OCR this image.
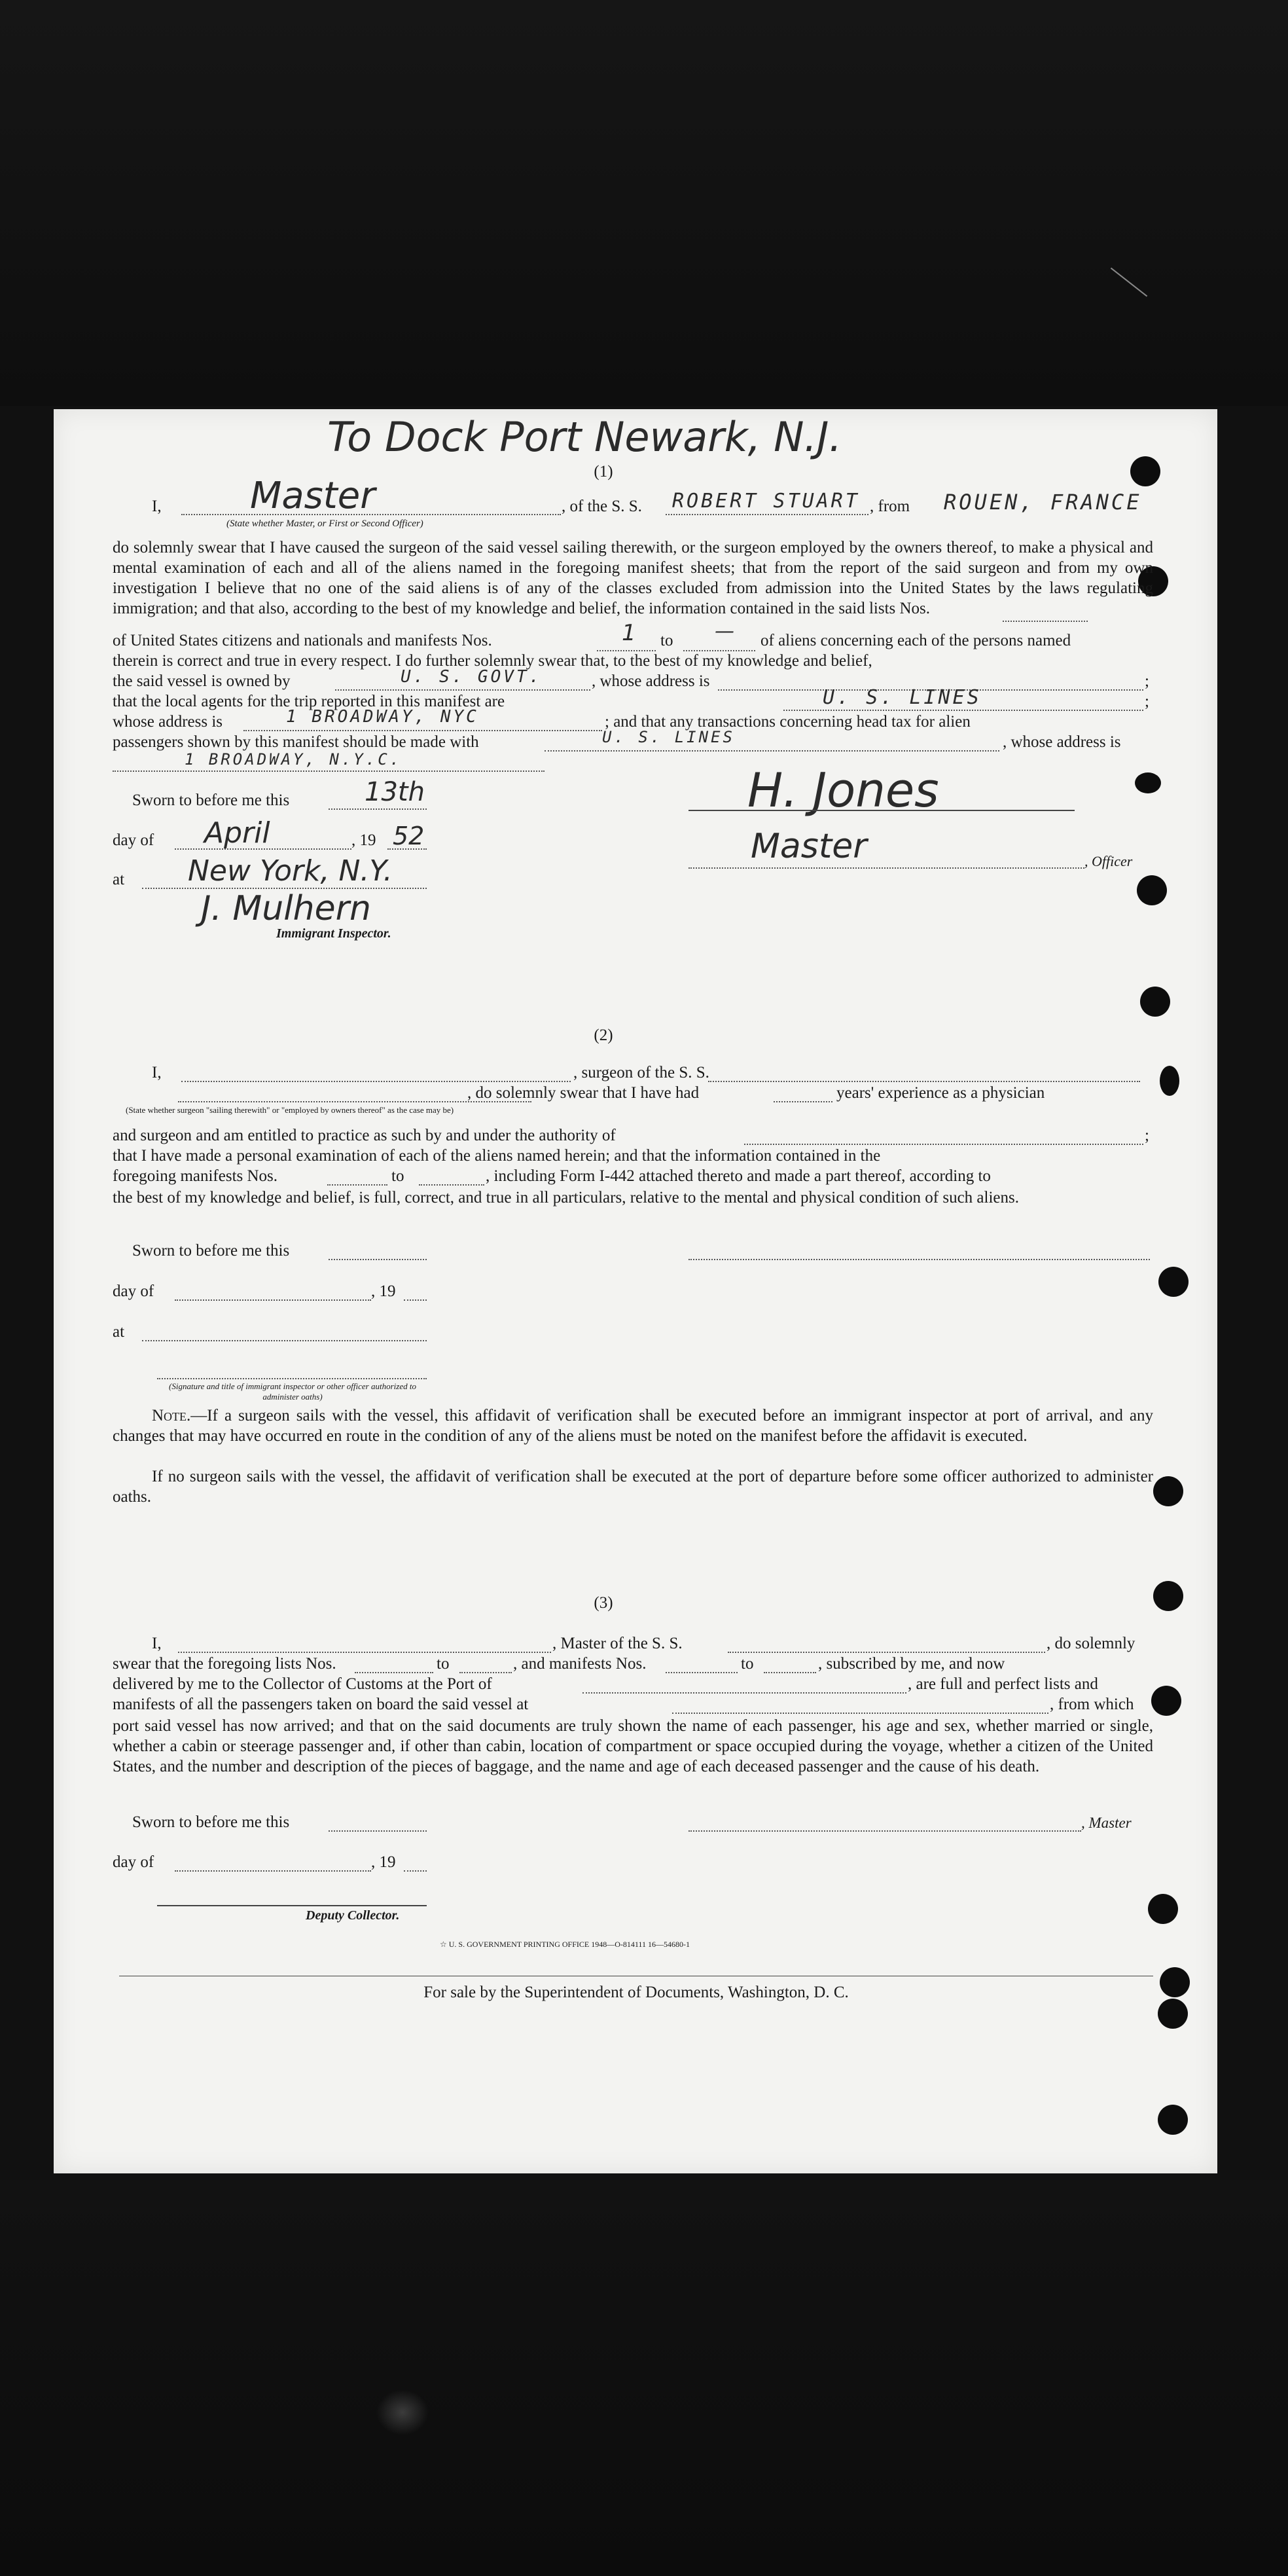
To Dock Port Newark, N.J.
(1)
I, Master
(State whether Master, or First or Second Officer)
, of the S. S. ROBERT STUART , from ROUEN, FRANCE
do solemnly swear that I have caused the surgeon of the said vessel sailing therewith, or the surgeon employed by the owners thereof, to make a physical and mental examination of each and all of the aliens named in the foregoing manifest sheets; that from the report of the said surgeon and from my own investigation I believe that no one of the said aliens is of any of the classes excluded from admission into the United States by the laws regulating immigration; and that also, according to the best of my knowledge and belief, the information contained in the said lists Nos.
of United States citizens and nationals and manifests Nos.	1 to — of aliens concerning each of the persons named
therein is correct and true in every respect. I do further solemnly swear that, to the best of my knowledge and belief,
the said vessel is owned by	U. S. GOVT.	, whose address is	;
that the local agents for the trip reported in this manifest are	U. S. LINES	;
whose address is	1 BROADWAY, NYC	; and that any transactions concerning head tax for alien
passengers shown by this manifest should be made with	U. S. LINES	, whose address is
1 BROADWAY, N.Y.C.
Sworn to before me this	13th	H. Jones
day of April	, 19 52	Master	, Officer
at New York, N.Y.
J. Mulhern
Immigrant Inspector.
(2)
I,	, surgeon of the S. S.
, do solemnly swear that I have had	years' experience as a physician
(State whether surgeon "sailing therewith" or "employed by owners thereof" as the case may be)
and surgeon and am entitled to practice as such by and under the authority of	;
that I have made a personal examination of each of the aliens named herein; and that the information contained in the
foregoing manifests Nos.	to	, including Form I-442 attached thereto and made a part thereof, according to
the best of my knowledge and belief, is full, correct, and true in all particulars, relative to the mental and physical condition of such aliens.
Sworn to before me this
day of	, 19
at
(Signature and title of immigrant inspector or other officer authorized to administer oaths)
Note.—If a surgeon sails with the vessel, this affidavit of verification shall be executed before an immigrant inspector at port of arrival, and any changes that may have occurred en route in the condition of any of the aliens must be noted on the manifest before the affidavit is executed.
If no surgeon sails with the vessel, the affidavit of verification shall be executed at the port of departure before some officer authorized to administer oaths.
(3)
I,	, Master of the S. S.	, do solemnly
swear that the foregoing lists Nos.	to	, and manifests Nos.	to	, subscribed by me, and now
delivered by me to the Collector of Customs at the Port of	, are full and perfect lists and
manifests of all the passengers taken on board the said vessel at	, from which
port said vessel has now arrived; and that on the said documents are truly shown the name of each passenger, his age and sex, whether married or single, whether a cabin or steerage passenger and, if other than cabin, location of compartment or space occupied during the voyage, whether a citizen of the United States, and the number and description of the pieces of baggage, and the name and age of each deceased passenger and the cause of his death.
Sworn to before me this	, Master
day of	, 19
Deputy Collector.
☆ U. S. GOVERNMENT PRINTING OFFICE 1948—O-814111 16—54680-1
For sale by the Superintendent of Documents, Washington, D. C.
